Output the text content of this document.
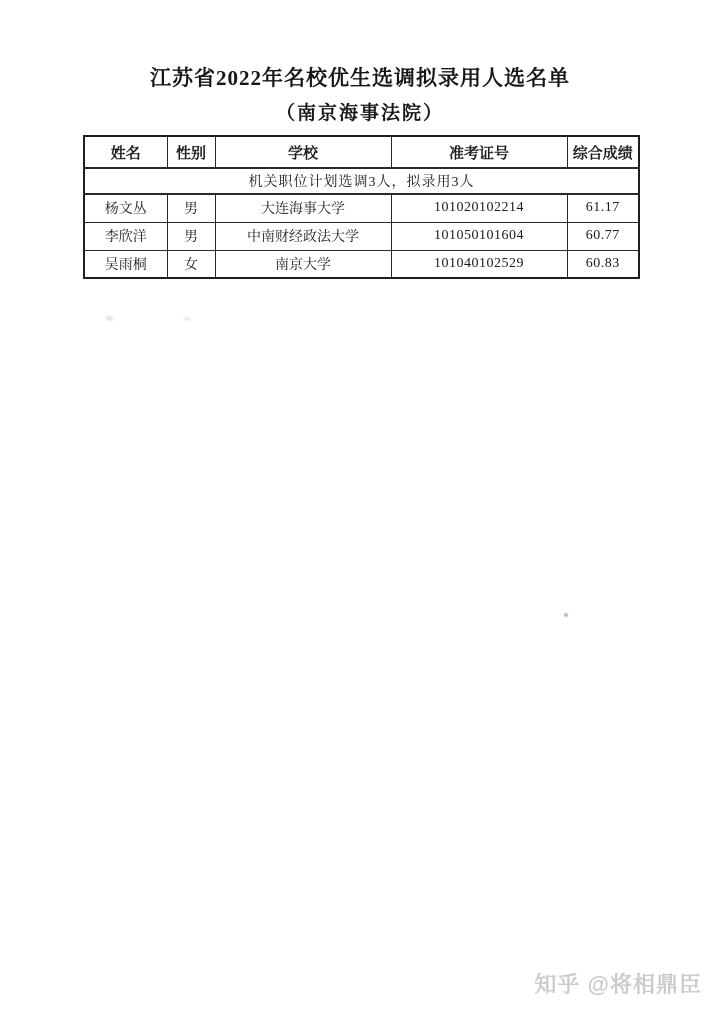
江苏省2022年名校优生选调拟录用人选名单
（南京海事法院）
姓名	性别	学校	准考证号	综合成绩
机关职位计划选调3人，拟录用3人				
杨文丛	男	大连海事大学	101020102214	61.17
李欣洋	男	中南财经政法大学	101050101604	60.77
吴雨桐	女	南京大学	101040102529	60.83
知乎 @将相鼎臣
